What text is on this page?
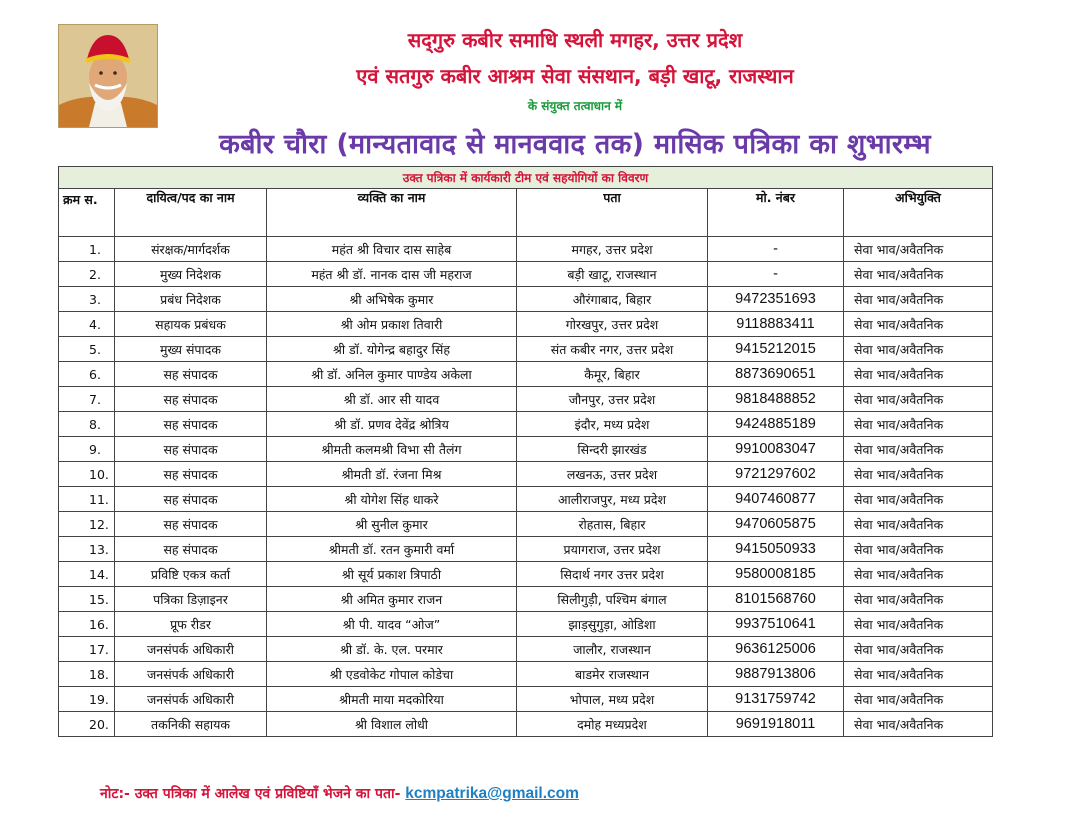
सद्‌गुरु कबीर समाधि स्थली मगहर, उत्तर प्रदेश
एवं सतगुरु कबीर आश्रम सेवा संसथान, बड़ी खाटू, राजस्थान
के संयुक्त तत्वाधान में
कबीर चौरा (मान्यतावाद से मानववाद तक) मासिक पत्रिका का शुभारम्भ
उक्त पत्रिका में कार्यकारी टीम एवं सहयोगियों का विवरण					
क्रम स.	दायित्व/पद का नाम	व्यक्ति का नाम	पता	मो. नंबर	अभियुक्ति
1.	संरक्षक/मार्गदर्शक	महंत श्री विचार दास साहेब	मगहर, उत्तर प्रदेश	-	सेवा भाव/अवैतनिक
2.	मुख्य निदेशक	महंत श्री डॉ. नानक दास जी महराज	बड़ी खाटू, राजस्थान	-	सेवा भाव/अवैतनिक
3.	प्रबंध निदेशक	श्री अभिषेक कुमार	औरंगाबाद, बिहार	9472351693	सेवा भाव/अवैतनिक
4.	सहायक प्रबंधक	श्री ओम प्रकाश तिवारी	गोरखपुर, उत्तर प्रदेश	9118883411	सेवा भाव/अवैतनिक
5.	मुख्य संपादक	श्री डॉ. योगेन्द्र बहादुर सिंह	संत कबीर नगर, उत्तर प्रदेश	9415212015	सेवा भाव/अवैतनिक
6.	सह संपादक	श्री डॉ. अनिल कुमार पाण्डेय अकेला	कैमूर, बिहार	8873690651	सेवा भाव/अवैतनिक
7.	सह संपादक	श्री डॉ. आर सी यादव	जौनपुर, उत्तर प्रदेश	9818488852	सेवा भाव/अवैतनिक
8.	सह संपादक	श्री डॉ. प्रणव देवेंद्र श्रोत्रिय	इंदौर, मध्य प्रदेश	9424885189	सेवा भाव/अवैतनिक
9.	सह संपादक	श्रीमती कलमश्री विभा सी तैलंग	सिन्दरी झारखंड	9910083047	सेवा भाव/अवैतनिक
10.	सह संपादक	श्रीमती डॉ. रंजना मिश्र	लखनऊ, उत्तर प्रदेश	9721297602	सेवा भाव/अवैतनिक
11.	सह संपादक	श्री योगेश सिंह धाकरे	आलीराजपुर, मध्य प्रदेश	9407460877	सेवा भाव/अवैतनिक
12.	सह संपादक	श्री सुनील कुमार	रोहतास, बिहार	9470605875	सेवा भाव/अवैतनिक
13.	सह संपादक	श्रीमती डॉ. रतन कुमारी वर्मा	प्रयागराज, उत्तर प्रदेश	9415050933	सेवा भाव/अवैतनिक
14.	प्रविष्टि एकत्र कर्ता	श्री सूर्य प्रकाश त्रिपाठी	सिदार्थ नगर उत्तर प्रदेश	9580008185	सेवा भाव/अवैतनिक
15.	पत्रिका डिज़ाइनर	श्री अमित कुमार राजन	सिलीगुड़ी, पश्चिम बंगाल	8101568760	सेवा भाव/अवैतनिक
16.	प्रूफ रीडर	श्री पी. यादव “ओज”	झाड़सुगुड़ा, ओडिशा	9937510641	सेवा भाव/अवैतनिक
17.	जनसंपर्क अधिकारी	श्री डॉ. के. एल. परमार	जालौर, राजस्थान	9636125006	सेवा भाव/अवैतनिक
18.	जनसंपर्क अधिकारी	श्री एडवोकेट गोपाल कोडेचा	बाडमेर राजस्थान	9887913806	सेवा भाव/अवैतनिक
19.	जनसंपर्क अधिकारी	श्रीमती माया मदकोरिया	भोपाल, मध्य प्रदेश	9131759742	सेवा भाव/अवैतनिक
20.	तकनिकी सहायक	श्री विशाल लोधी	दमोह मध्यप्रदेश	9691918011	सेवा भाव/अवैतनिक
नोट:- उक्त पत्रिका में आलेख एवं प्रविष्टियाँ भेजने का पता- kcmpatrika@gmail.com
